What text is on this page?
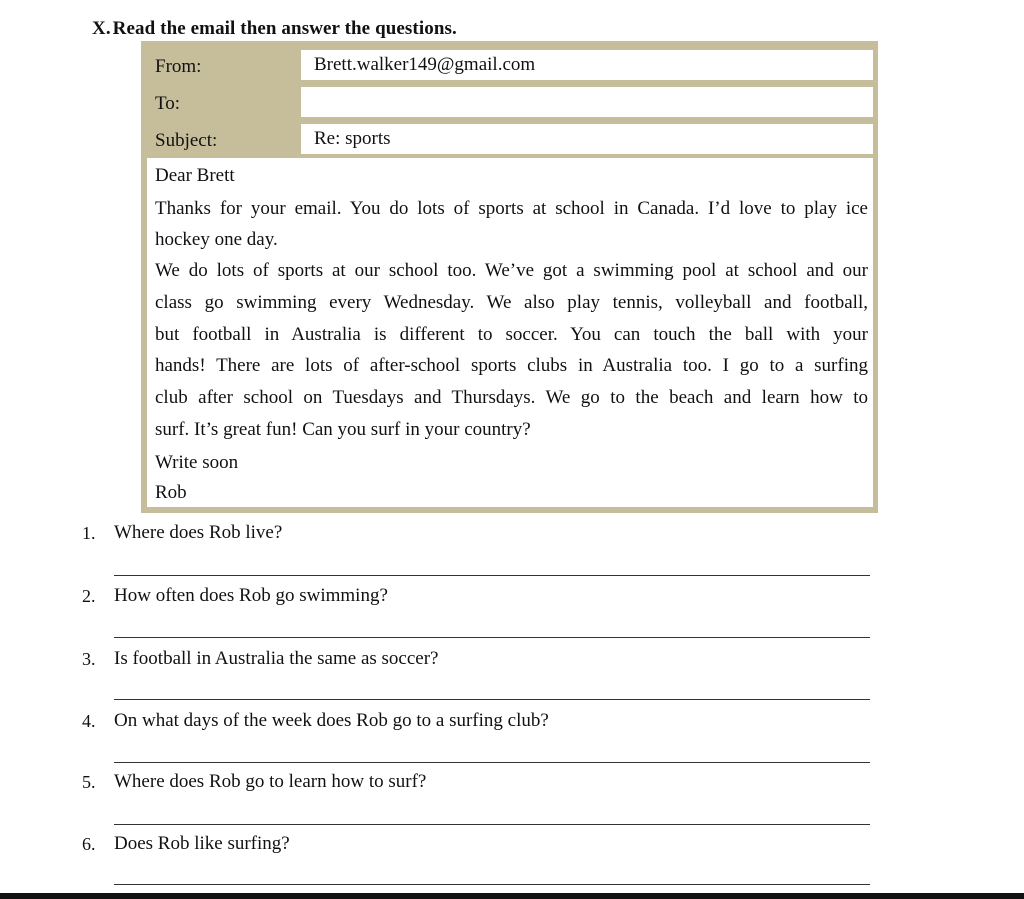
X. Read the email then answer the questions.
From:	Brett.walker149@gmail.com
To:
Subject:	Re: sports
Dear Brett
Thanks for your email. You do lots of sports at school in Canada. I’d love to play ice
hockey one day.
We do lots of sports at our school too. We’ve got a swimming pool at school and our
class go swimming every Wednesday. We also play tennis, volleyball and football,
but football in Australia is different to soccer. You can touch the ball with your
hands! There are lots of after-school sports clubs in Australia too. I go to a surfing
club after school on Tuesdays and Thursdays. We go to the beach and learn how to
surf. It’s great fun! Can you surf in your country?
Write soon
Rob
1. Where does Rob live?
2. How often does Rob go swimming?
3. Is football in Australia the same as soccer?
4. On what days of the week does Rob go to a surfing club?
5. Where does Rob go to learn how to surf?
6. Does Rob like surfing?
